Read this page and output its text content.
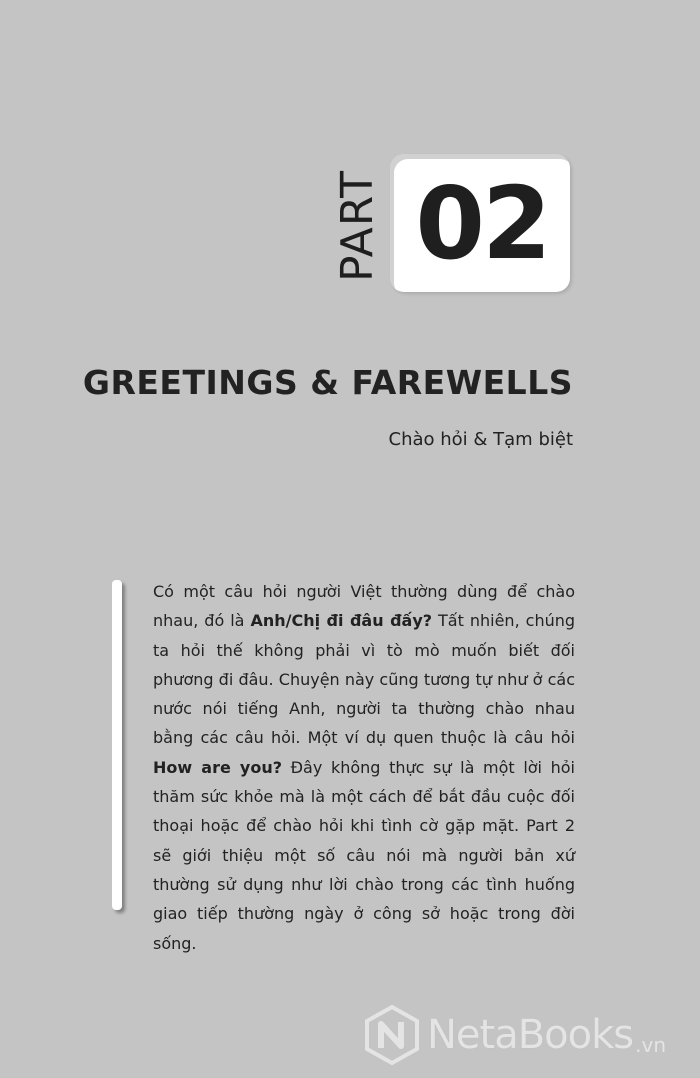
PART 02
GREETINGS & FAREWELLS
Chào hỏi & Tạm biệt
Có một câu hỏi người Việt thường dùng để chào nhau, đó là Anh/Chị đi đâu đấy? Tất nhiên, chúng ta hỏi thế không phải vì tò mò muốn biết đối phương đi đâu. Chuyện này cũng tương tự như ở các nước nói tiếng Anh, người ta thường chào nhau bằng các câu hỏi. Một ví dụ quen thuộc là câu hỏi How are you? Đây không thực sự là một lời hỏi thăm sức khỏe mà là một cách để bắt đầu cuộc đối thoại hoặc để chào hỏi khi tình cờ gặp mặt. Part 2 sẽ giới thiệu một số câu nói mà người bản xứ thường sử dụng như lời chào trong các tình huống giao tiếp thường ngày ở công sở hoặc trong đời sống.
NetaBooks .vn
